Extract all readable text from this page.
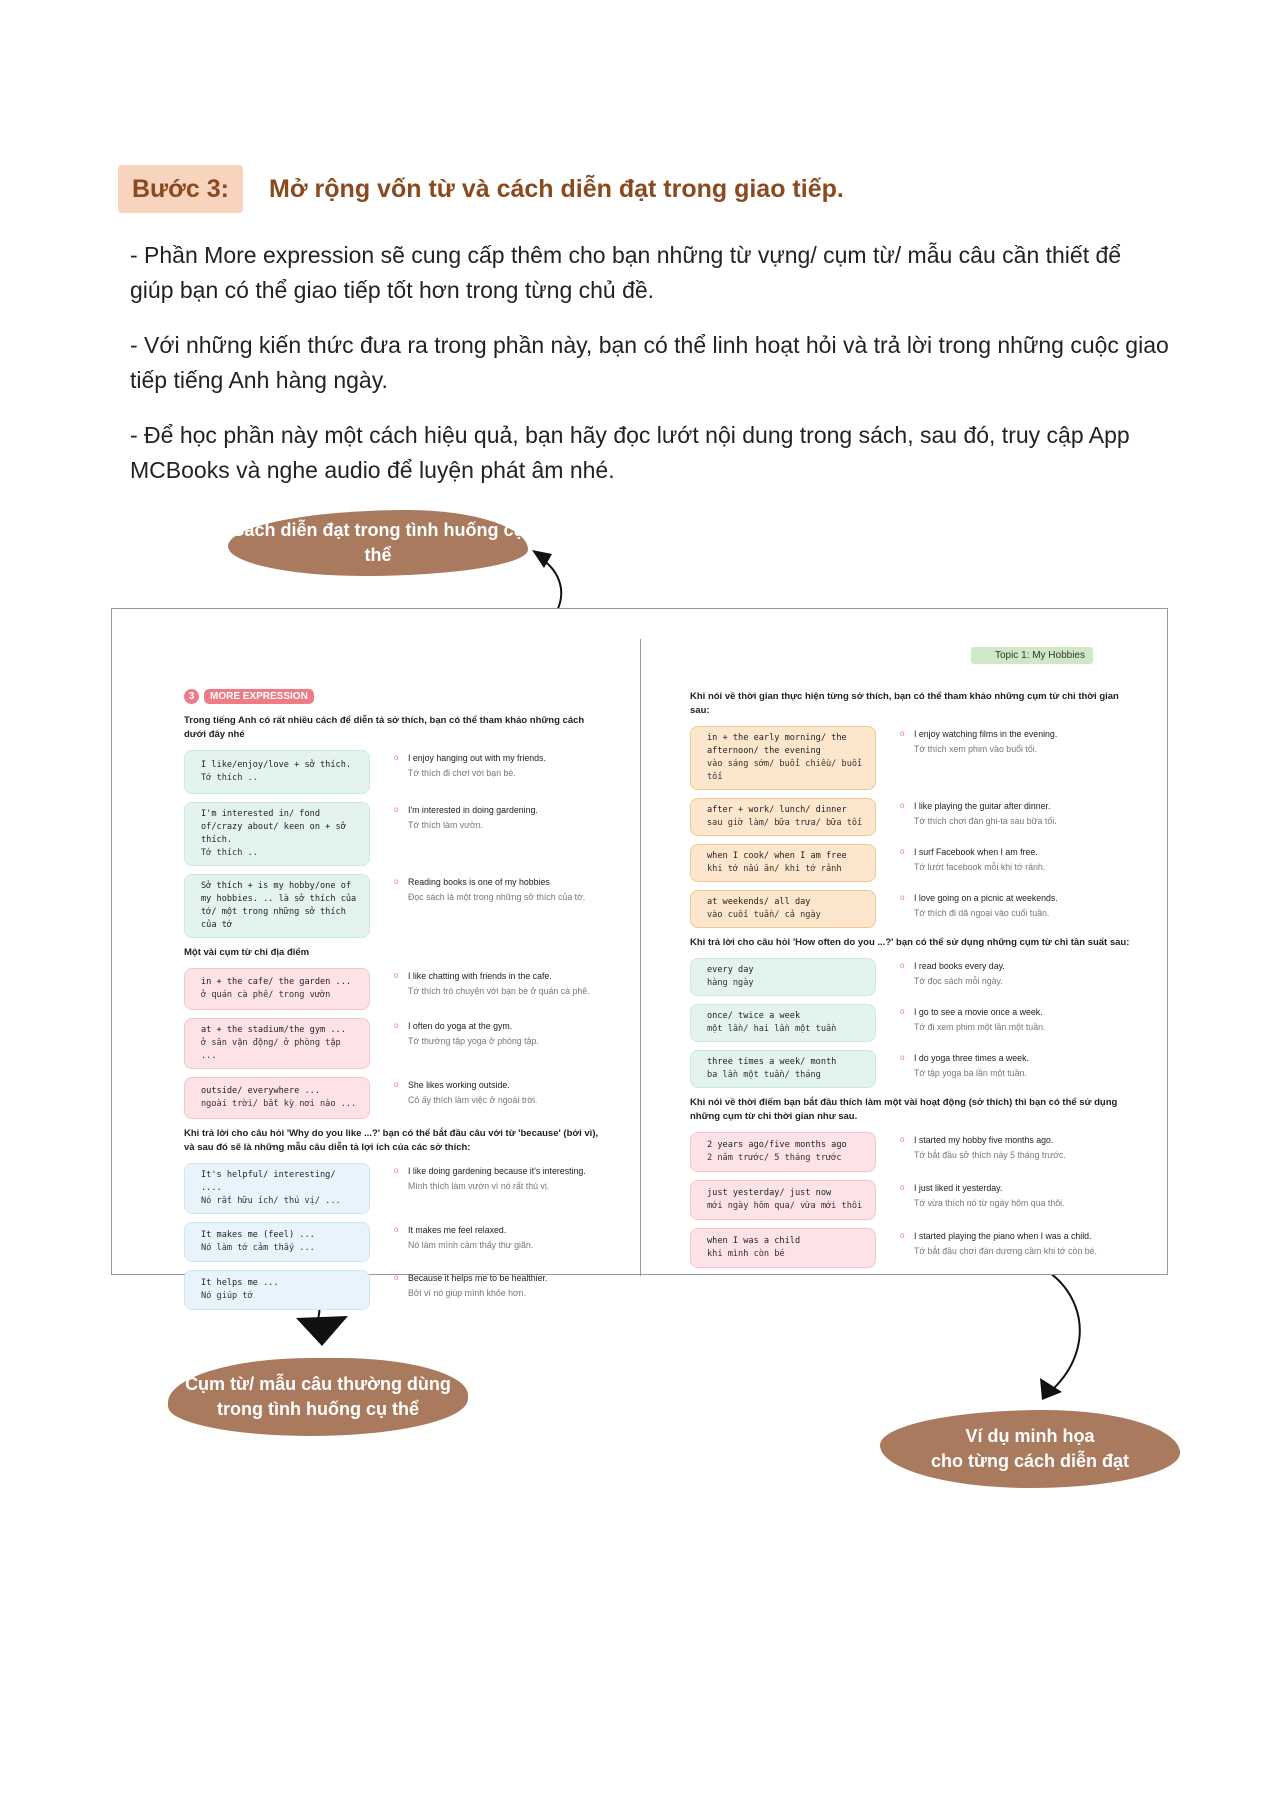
Bước 3:	Mở rộng vốn từ và cách diễn đạt trong giao tiếp.

- Phần More expression sẽ cung cấp thêm cho bạn những từ vựng/ cụm từ/ mẫu câu cần thiết để giúp bạn có thể giao tiếp tốt hơn trong từng chủ đề.

- Với những kiến thức đưa ra trong phần này, bạn có thể linh hoạt hỏi và trả lời trong những cuộc giao tiếp tiếng Anh hàng ngày.

- Để học phần này một cách hiệu quả, bạn hãy đọc lướt nội dung trong sách, sau đó, truy cập App MCBooks và nghe audio để luyện phát âm nhé.

Cách diễn đạt trong tình huống cụ thể
Cụm từ/ mẫu câu thường dùng
trong tình huống cụ thể
Ví dụ minh họa
cho từng cách diễn đạt
3	MORE EXPRESSION
Trong tiếng Anh có rất nhiều cách để diễn tả sở thích, bạn có thể tham khảo những cách dưới đây nhé
I like/enjoy/love + sở thích.
Tớ thích ..
o I enjoy hanging out with my friends.
Tớ thích đi chơi với bạn bè.
I'm interested in/ fond of/crazy about/ keen on + sở thích.
Tớ thích ..
o I'm interested in doing gardening.
Tớ thích làm vườn.
Sở thích + is my hobby/one of my hobbies. .. là sở thích của tớ/ một trong những sở thích của tớ
o Reading books is one of my hobbies
Đọc sách là một trong những sở thích của tớ.
Một vài cụm từ chỉ địa điểm
in + the cafe/ the garden ...
ở quán cà phê/ trong vườn
o I like chatting with friends in the cafe.
Tớ thích trò chuyện với bạn bè ở quán cà phê.
at + the stadium/the gym ...
ở sân vận động/ ở phòng tập ...
o I often do yoga at the gym.
Tớ thường tập yoga ở phòng tập.
outside/ everywhere ...
ngoài trời/ bất kỳ nơi nào ...
o She likes working outside.
Cô ấy thích làm việc ở ngoài trời.
Khi trả lời cho câu hỏi 'Why do you like ...?' bạn có thể bắt đầu câu với từ 'because' (bởi vì), và sau đó sẽ là những mẫu câu diễn tả lợi ích của các sở thích:
It's helpful/ interesting/ ....
Nó rất hữu ích/ thú vị/ ...
o I like doing gardening because it's interesting.
Mình thích làm vườn vì nó rất thú vị.
It makes me (feel) ...
Nó làm tớ cảm thấy ...
o It makes me feel relaxed.
Nó làm mình cảm thấy thư giãn.
It helps me ...
Nó giúp tớ
o Because it helps me to be healthier.
Bởi vì nó giúp mình khỏe hơn.
Topic 1: My Hobbies
Khi nói về thời gian thực hiện từng sở thích, bạn có thể tham khảo những cụm từ chỉ thời gian sau:
in + the early morning/ the afternoon/ the evening
vào sáng sớm/ buổi chiều/ buổi tối
o I enjoy watching films in the evening.
Tớ thích xem phim vào buổi tối.
after + work/ lunch/ dinner
sau giờ làm/ bữa trưa/ bữa tối
o I like playing the guitar after dinner.
Tớ thích chơi đàn ghi-ta sau bữa tối.
when I cook/ when I am free
khi tớ nấu ăn/ khi tớ rảnh
o I surf Facebook when I am free.
Tớ lướt facebook mỗi khi tớ rảnh.
at weekends/ all day
vào cuối tuần/ cả ngày
o I love going on a picnic at weekends.
Tớ thích đi dã ngoại vào cuối tuần.
Khi trả lời cho câu hỏi 'How often do you ...?' bạn có thể sử dụng những cụm từ chỉ tần suất sau:
every day
hàng ngày
o I read books every day.
Tớ đọc sách mỗi ngày.
once/ twice a week
một lần/ hai lần một tuần
o I go to see a movie once a week.
Tớ đi xem phim một lần một tuần.
three times a week/ month
ba lần một tuần/ tháng
o I do yoga three times a week.
Tớ tập yoga ba lần một tuần.
Khi nói về thời điểm bạn bắt đầu thích làm một vài hoạt động (sở thích) thì bạn có thể sử dụng những cụm từ chỉ thời gian như sau.
2 years ago/five months ago
2 năm trước/ 5 tháng trước
o I started my hobby five months ago.
Tớ bắt đầu sở thích này 5 tháng trước.
just yesterday/ just now
mới ngày hôm qua/ vừa mới thôi
o I just liked it yesterday.
Tớ vừa thích nó từ ngày hôm qua thôi.
when I was a child
khi mình còn bé
o I started playing the piano when I was a child.
Tớ bắt đầu chơi đàn dương cầm khi tớ còn bé.
